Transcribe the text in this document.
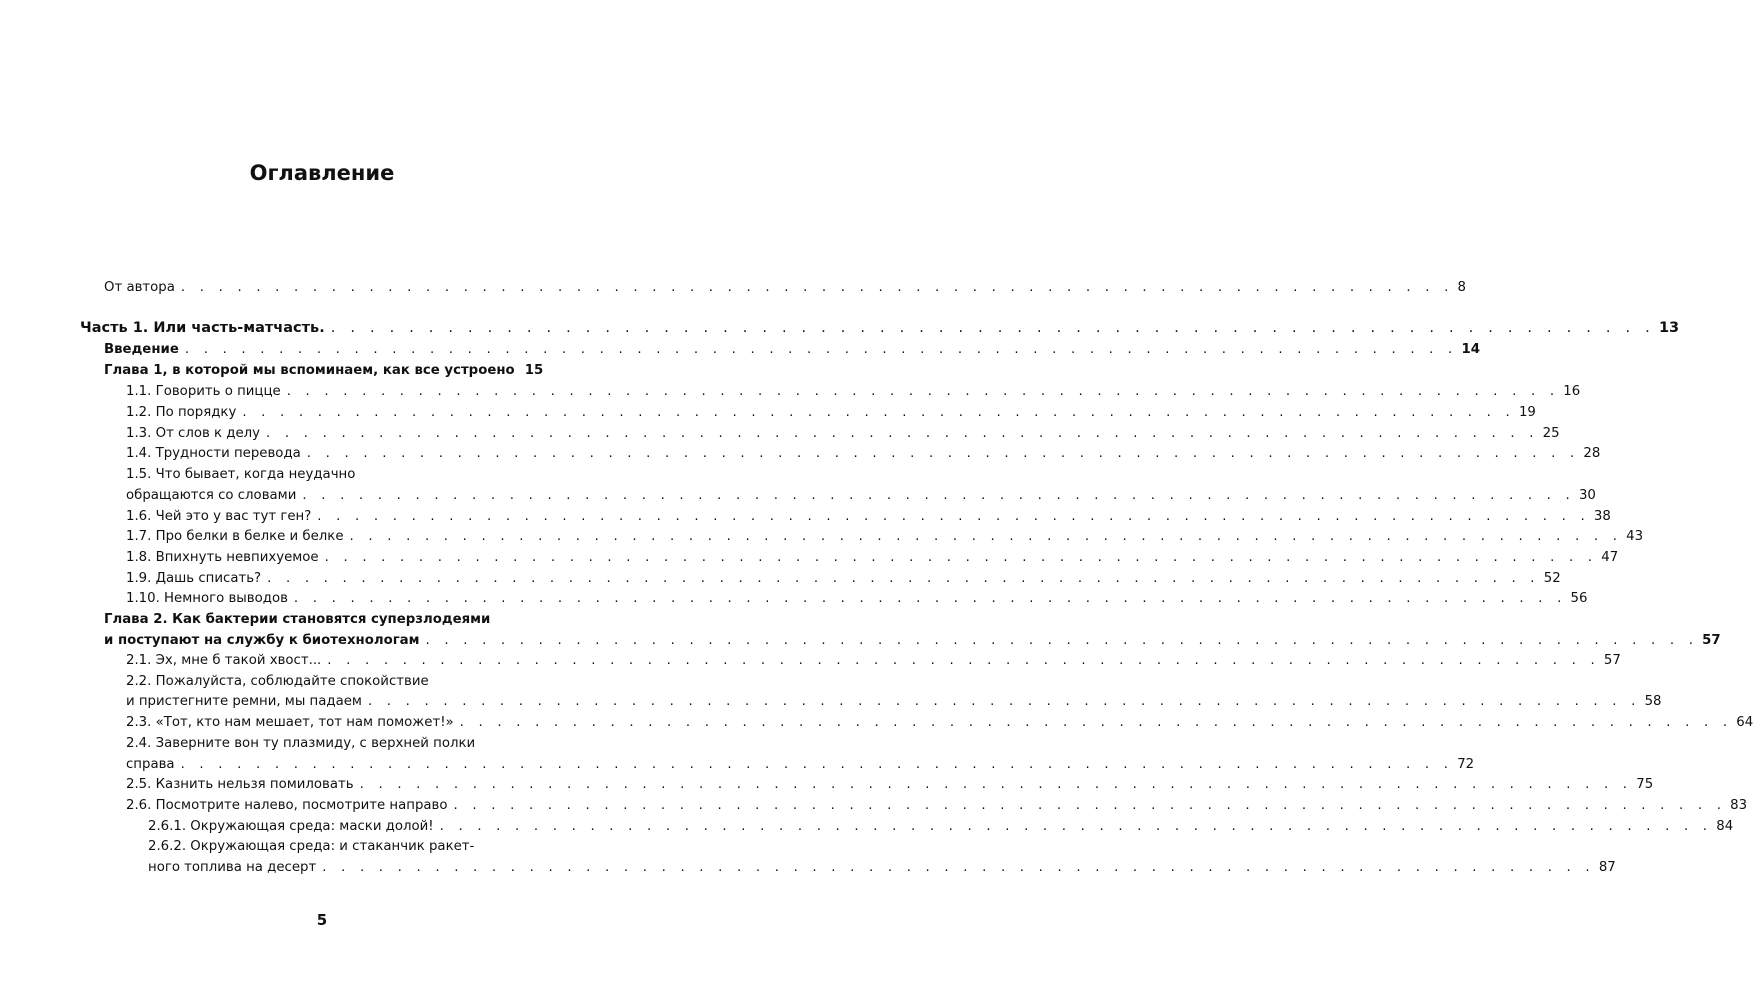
Оглавление
От автора . . . . . . . . . . . . . . . . . . . . . . . . . . . . . . . . . . . . . . . . . . . . . . . . . . . . . . . . . . . . . . . . . . . . 8
Часть 1. Или часть-матчасть. . . . . . . . . . . . . . . . . . . . . . . . . . . . . . . . . . . . . . . . . . . . . . . . . . . . . . . . . . . . . . . . . . . . . 13
Введение . . . . . . . . . . . . . . . . . . . . . . . . . . . . . . . . . . . . . . . . . . . . . . . . . . . . . . . . . . . . . . . . . . . . 14
Глава 1, в которой мы вспоминаем, как все устроено 15
1.1. Говорить о пицце . . . . . . . . . . . . . . . . . . . . . . . . . . . . . . . . . . . . . . . . . . . . . . . . . . . . . . . . . . . . . . . . . . . . 16
1.2. По порядку . . . . . . . . . . . . . . . . . . . . . . . . . . . . . . . . . . . . . . . . . . . . . . . . . . . . . . . . . . . . . . . . . . . . 19
1.3. От слов к делу . . . . . . . . . . . . . . . . . . . . . . . . . . . . . . . . . . . . . . . . . . . . . . . . . . . . . . . . . . . . . . . . . . . . 25
1.4. Трудности перевода . . . . . . . . . . . . . . . . . . . . . . . . . . . . . . . . . . . . . . . . . . . . . . . . . . . . . . . . . . . . . . . . . . . . 28
1.5. Что бывает, когда неудачно
обращаются со словами . . . . . . . . . . . . . . . . . . . . . . . . . . . . . . . . . . . . . . . . . . . . . . . . . . . . . . . . . . . . . . . . . . . . 30
1.6. Чей это у вас тут ген? . . . . . . . . . . . . . . . . . . . . . . . . . . . . . . . . . . . . . . . . . . . . . . . . . . . . . . . . . . . . . . . . . . . . 38
1.7. Про белки в белке и белке . . . . . . . . . . . . . . . . . . . . . . . . . . . . . . . . . . . . . . . . . . . . . . . . . . . . . . . . . . . . . . . . . . . . 43
1.8. Впихнуть невпихуемое . . . . . . . . . . . . . . . . . . . . . . . . . . . . . . . . . . . . . . . . . . . . . . . . . . . . . . . . . . . . . . . . . . . . 47
1.9. Дашь списать? . . . . . . . . . . . . . . . . . . . . . . . . . . . . . . . . . . . . . . . . . . . . . . . . . . . . . . . . . . . . . . . . . . . . 52
1.10. Немного выводов . . . . . . . . . . . . . . . . . . . . . . . . . . . . . . . . . . . . . . . . . . . . . . . . . . . . . . . . . . . . . . . . . . . . 56
Глава 2. Как бактерии становятся суперзлодеями
и поступают на службу к биотехнологам . . . . . . . . . . . . . . . . . . . . . . . . . . . . . . . . . . . . . . . . . . . . . . . . . . . . . . . . . . . . . . . . . . . . 57
2.1. Эх, мне б такой хвост... . . . . . . . . . . . . . . . . . . . . . . . . . . . . . . . . . . . . . . . . . . . . . . . . . . . . . . . . . . . . . . . . . . . . 57
2.2. Пожалуйста, соблюдайте спокойствие
и пристегните ремни, мы падаем . . . . . . . . . . . . . . . . . . . . . . . . . . . . . . . . . . . . . . . . . . . . . . . . . . . . . . . . . . . . . . . . . . . . 58
2.3. «Тот, кто нам мешает, тот нам поможет!» . . . . . . . . . . . . . . . . . . . . . . . . . . . . . . . . . . . . . . . . . . . . . . . . . . . . . . . . . . . . . . . . . . . . 64
2.4. Заверните вон ту плазмиду, с верхней полки
справа . . . . . . . . . . . . . . . . . . . . . . . . . . . . . . . . . . . . . . . . . . . . . . . . . . . . . . . . . . . . . . . . . . . . 72
2.5. Казнить нельзя помиловать . . . . . . . . . . . . . . . . . . . . . . . . . . . . . . . . . . . . . . . . . . . . . . . . . . . . . . . . . . . . . . . . . . . . 75
2.6. Посмотрите налево, посмотрите направо . . . . . . . . . . . . . . . . . . . . . . . . . . . . . . . . . . . . . . . . . . . . . . . . . . . . . . . . . . . . . . . . . . . . 83
2.6.1. Окружающая среда: маски долой! . . . . . . . . . . . . . . . . . . . . . . . . . . . . . . . . . . . . . . . . . . . . . . . . . . . . . . . . . . . . . . . . . . . . 84
2.6.2. Окружающая среда: и стаканчик ракет-
ного топлива на десерт . . . . . . . . . . . . . . . . . . . . . . . . . . . . . . . . . . . . . . . . . . . . . . . . . . . . . . . . . . . . . . . . . . . . 87
5
